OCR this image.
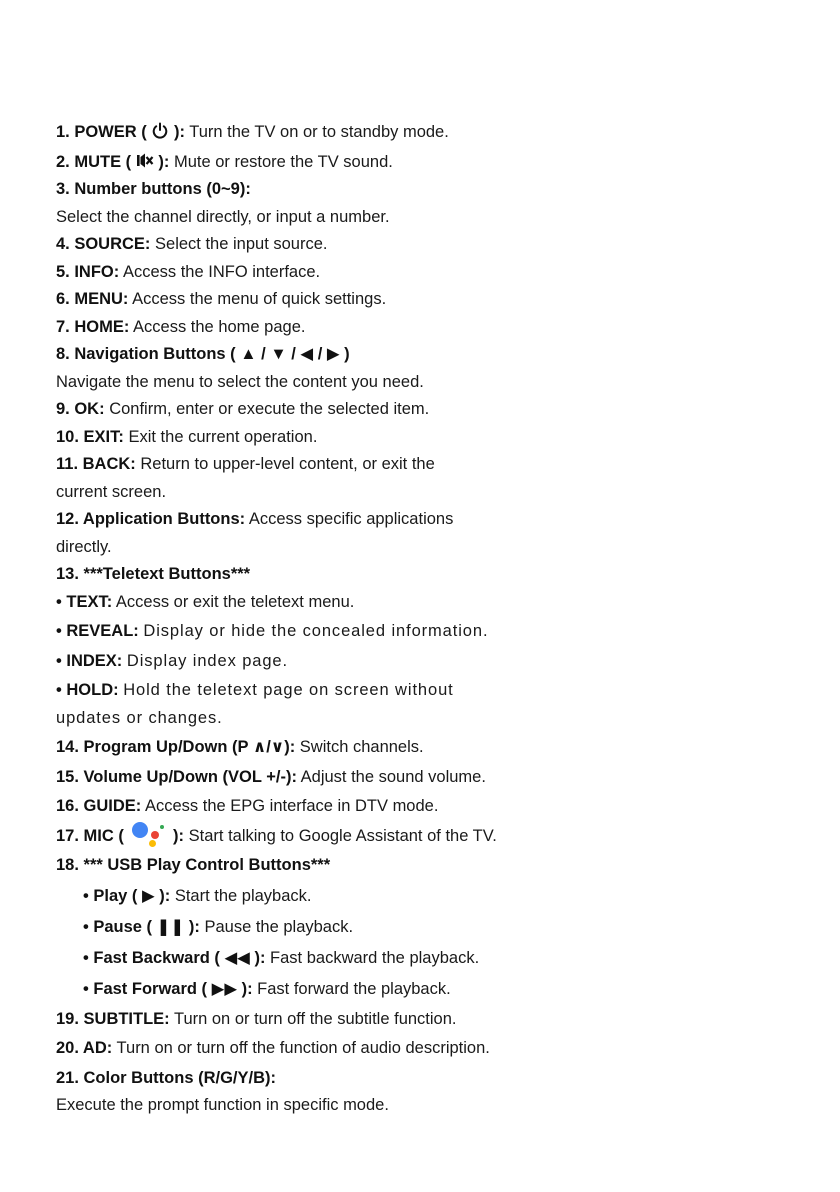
1. POWER ( ): Turn the TV on or to standby mode.
2. MUTE ( ): Mute or restore the TV sound.
3. Number buttons (0~9):
Select the channel directly, or input a number.
4. SOURCE: Select the input source.
5. INFO: Access the INFO interface.
6. MENU: Access the menu of quick settings.
7. HOME: Access the home page.
8. Navigation Buttons ( ▲ / ▼ / ◀ / ▶ )
Navigate the menu to select the content you need.
9. OK: Confirm, enter or execute the selected item.
10. EXIT: Exit the current operation.
11. BACK: Return to upper-level content, or exit the
current screen.
12. Application Buttons: Access specific applications
directly.
13. ***Teletext Buttons***
• TEXT: Access or exit the teletext menu.
• REVEAL: Display or hide the concealed information.
• INDEX: Display index page.
• HOLD: Hold the teletext page on screen without
updates or changes.
14. Program Up/Down (P ∧/∨): Switch channels.
15. Volume Up/Down (VOL +/-): Adjust the sound volume.
16. GUIDE: Access the EPG interface in DTV mode.
17. MIC (	): Start talking to Google Assistant of the TV.
18. *** USB Play Control Buttons***
• Play ( ▶ ): Start the playback.
• Pause ( ❚❚ ): Pause the playback.
• Fast Backward ( ◀◀ ): Fast backward the playback.
• Fast Forward ( ▶▶ ): Fast forward the playback.
19. SUBTITLE: Turn on or turn off the subtitle function.
20. AD: Turn on or turn off the function of audio description.
21. Color Buttons (R/G/Y/B):
Execute the prompt function in specific mode.
